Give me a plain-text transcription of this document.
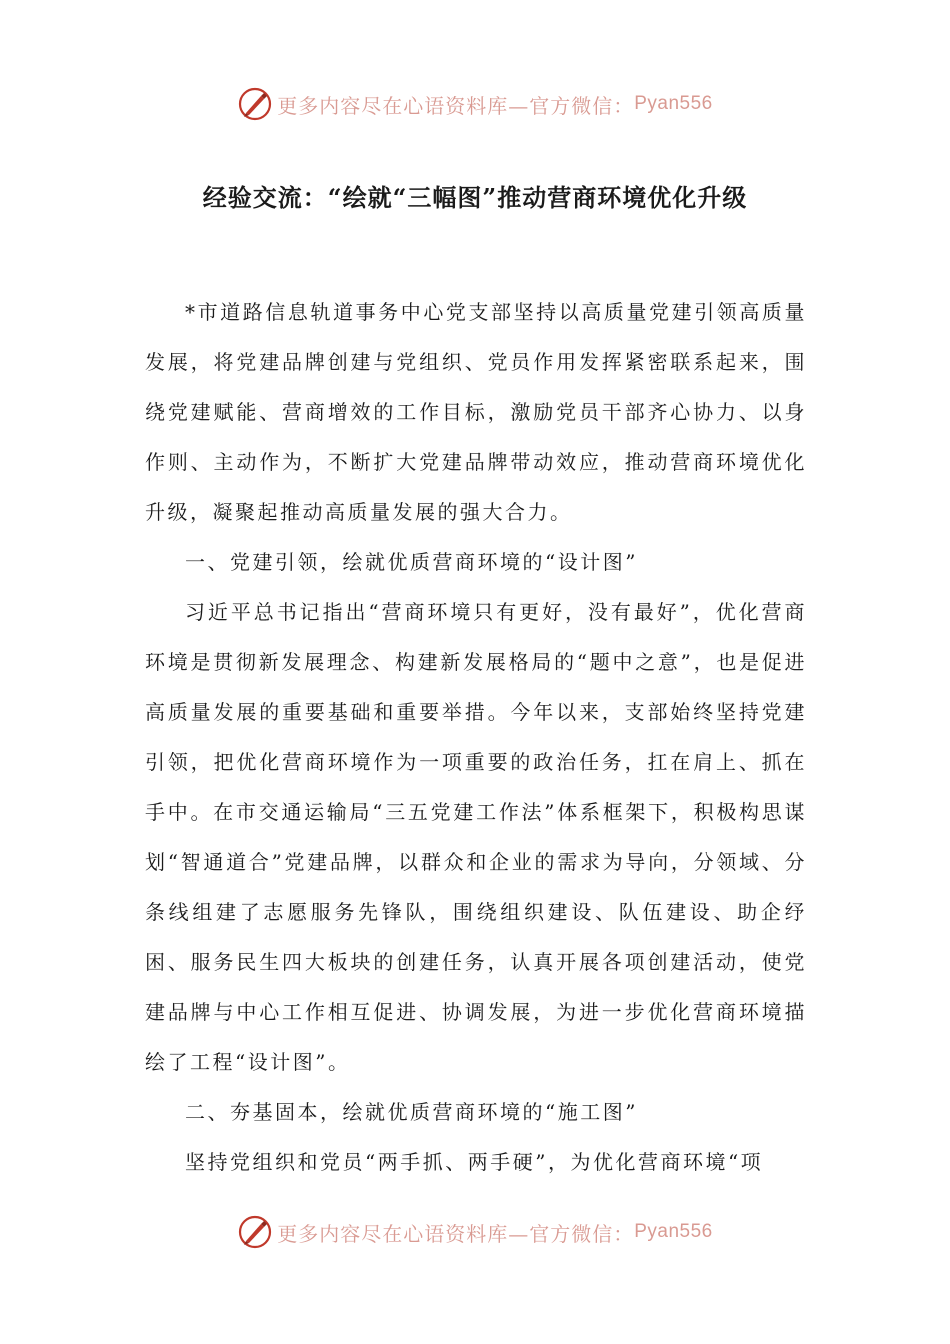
更多内容尽在心语资料库—官方微信： Pyan556
经验交流：“绘就“三幅图”推动营商环境优化升级

*市道路信息轨道事务中心党支部坚持以高质量党建引领高质量发展，将党建品牌创建与党组织、党员作用发挥紧密联系起来，围绕党建赋能、营商增效的工作目标，激励党员干部齐心协力、以身作则、主动作为，不断扩大党建品牌带动效应，推动营商环境优化升级，凝聚起推动高质量发展的强大合力。

一、党建引领，绘就优质营商环境的“设计图”

习近平总书记指出“营商环境只有更好，没有最好”，优化营商环境是贯彻新发展理念、构建新发展格局的“题中之意”，也是促进高质量发展的重要基础和重要举措。今年以来，支部始终坚持党建引领，把优化营商环境作为一项重要的政治任务，扛在肩上、抓在手中。在市交通运输局“三五党建工作法”体系框架下，积极构思谋划“智通道合”党建品牌，以群众和企业的需求为导向，分领域、分条线组建了志愿服务先锋队，围绕组织建设、队伍建设、助企纾困、服务民生四大板块的创建任务，认真开展各项创建活动，使党建品牌与中心工作相互促进、协调发展，为进一步优化营商环境描绘了工程“设计图”。

二、夯基固本，绘就优质营商环境的“施工图”

坚持党组织和党员“两手抓、两手硬”，为优化营商环境“项

更多内容尽在心语资料库—官方微信： Pyan556
